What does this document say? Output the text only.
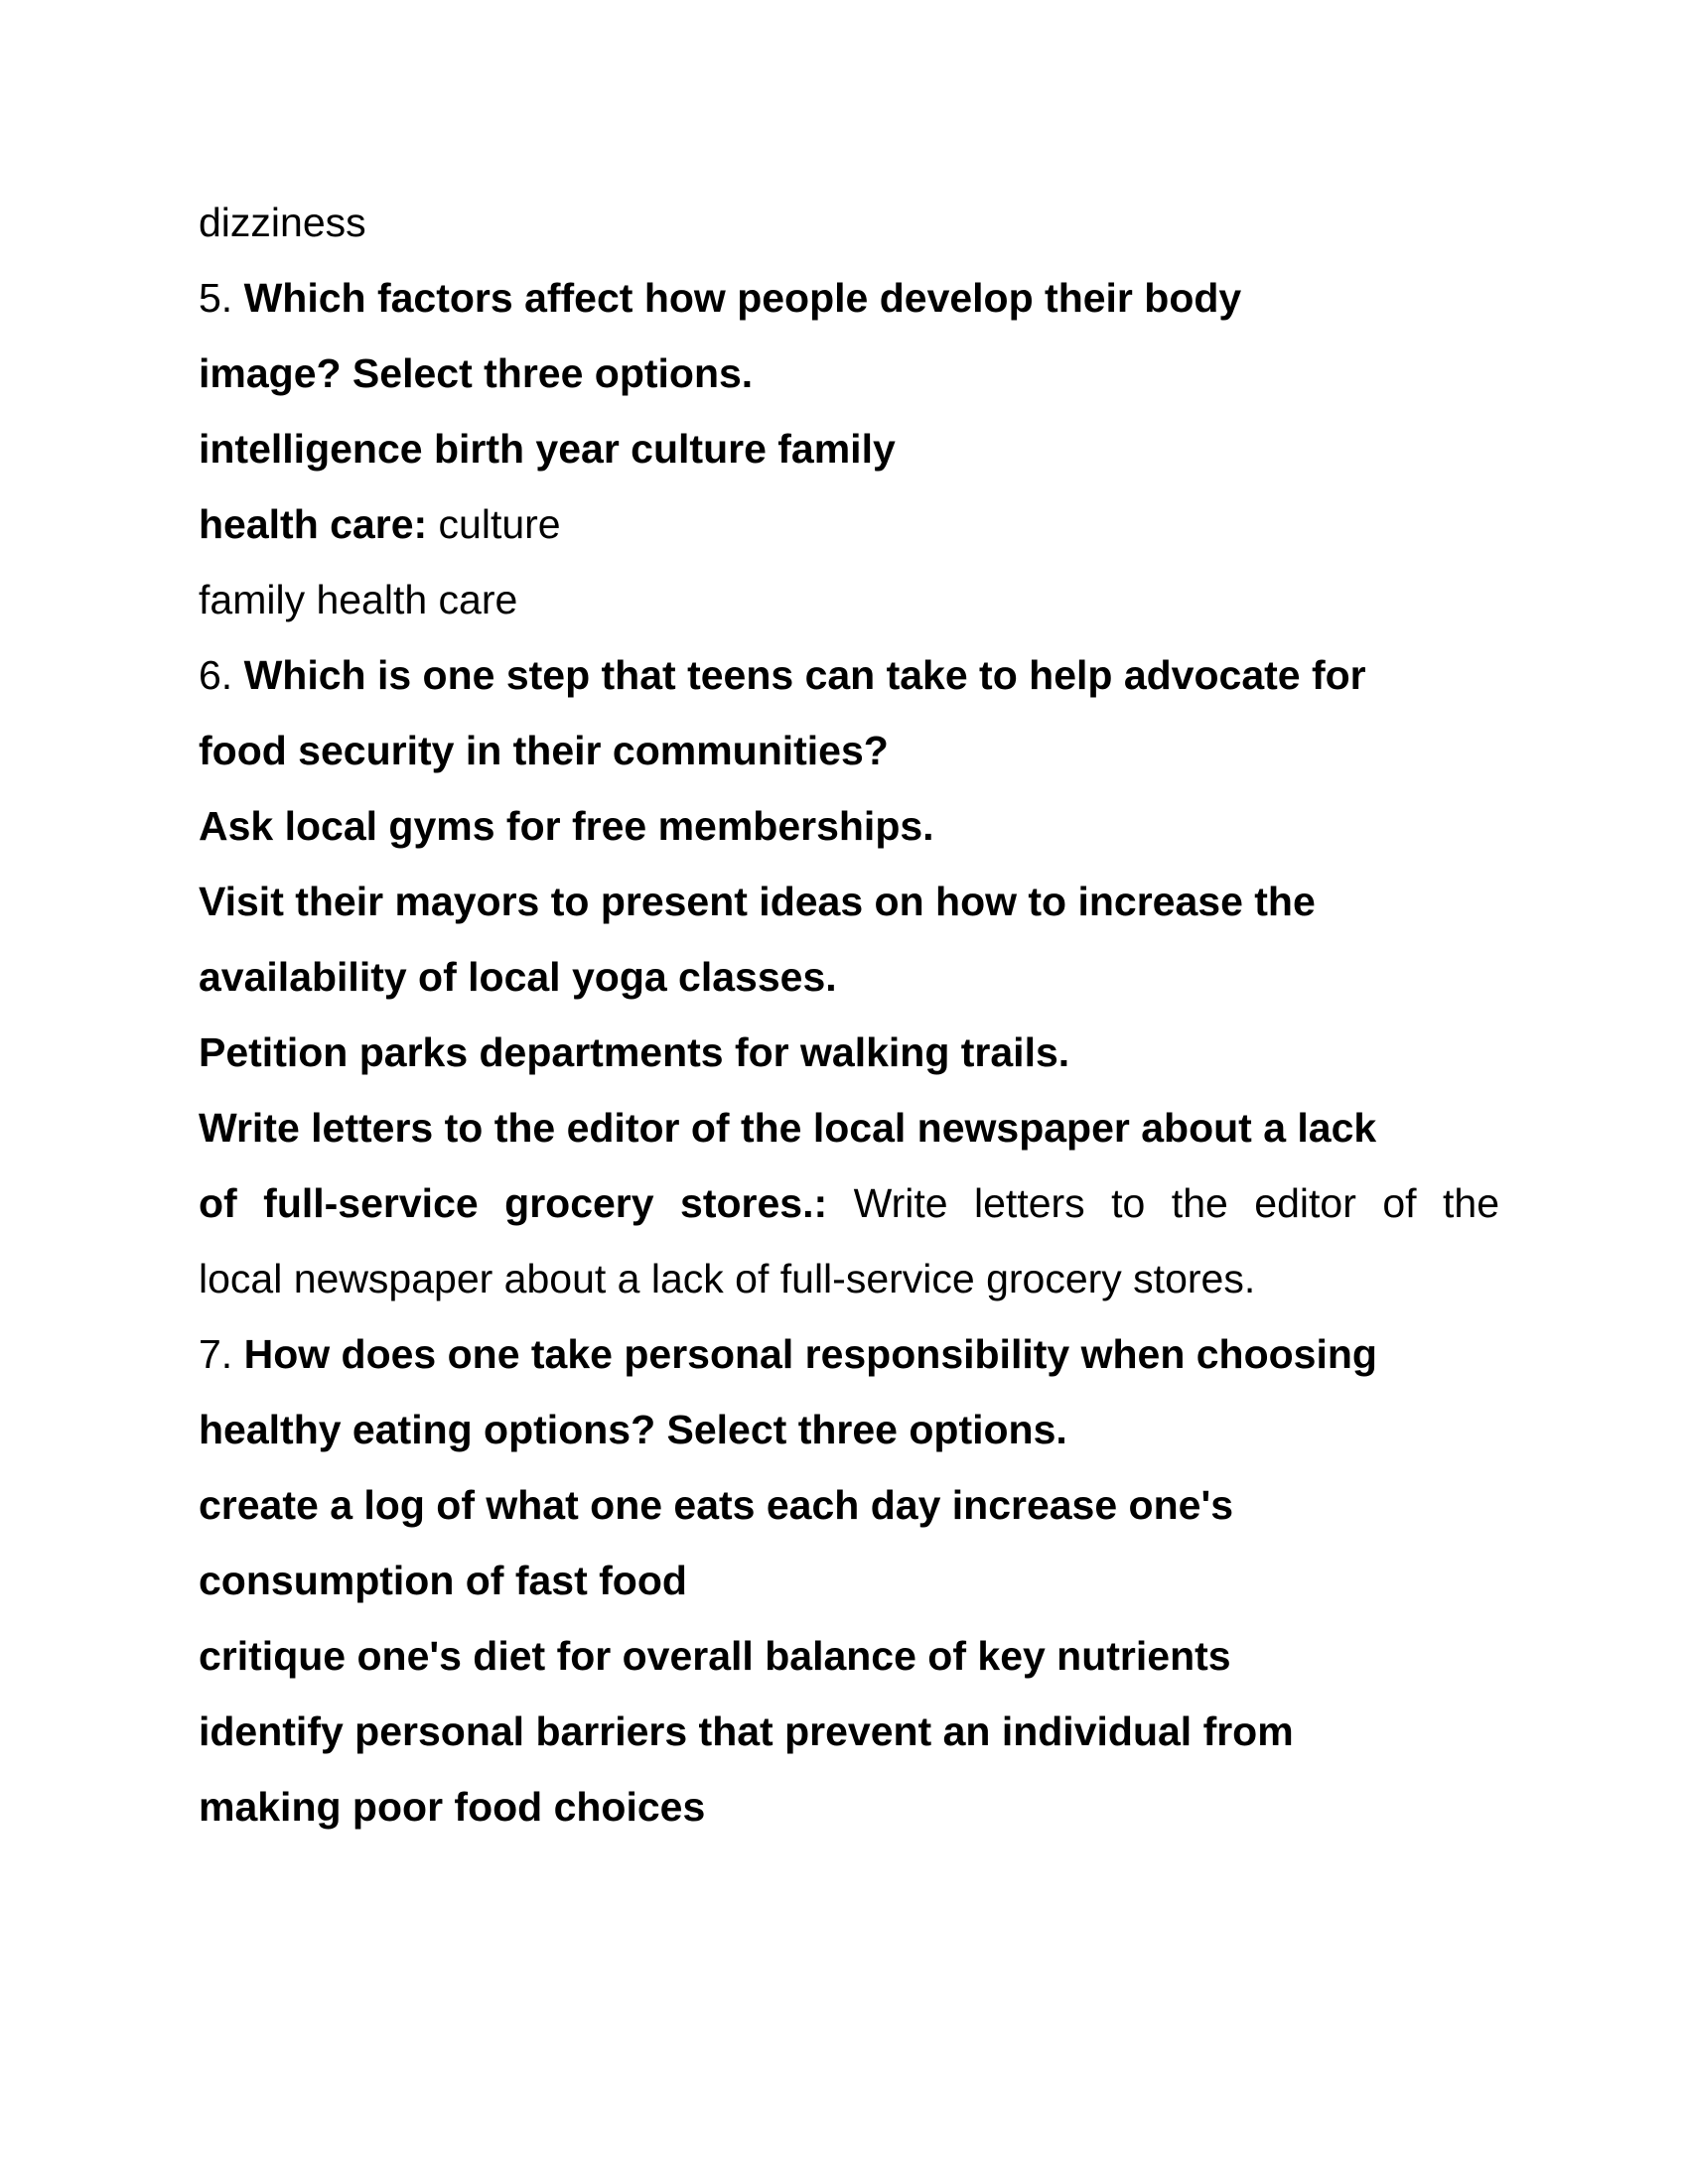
dizziness
5. Which factors affect how people develop their body
image? Select three options.
intelligence birth year culture family
health care: culture
family health care
6. Which is one step that teens can take to help advocate for
food security in their communities?
Ask local gyms for free memberships.
Visit their mayors to present ideas on how to increase the
availability of local yoga classes.
Petition parks departments for walking trails.
Write letters to the editor of the local newspaper about a lack
of full-service grocery stores.: Write letters to the editor of the
local newspaper about a lack of full-service grocery stores.
7. How does one take personal responsibility when choosing
healthy eating options? Select three options.
create a log of what one eats each day increase one's
consumption of fast food
critique one's diet for overall balance of key nutrients
identify personal barriers that prevent an individual from
making poor food choices
